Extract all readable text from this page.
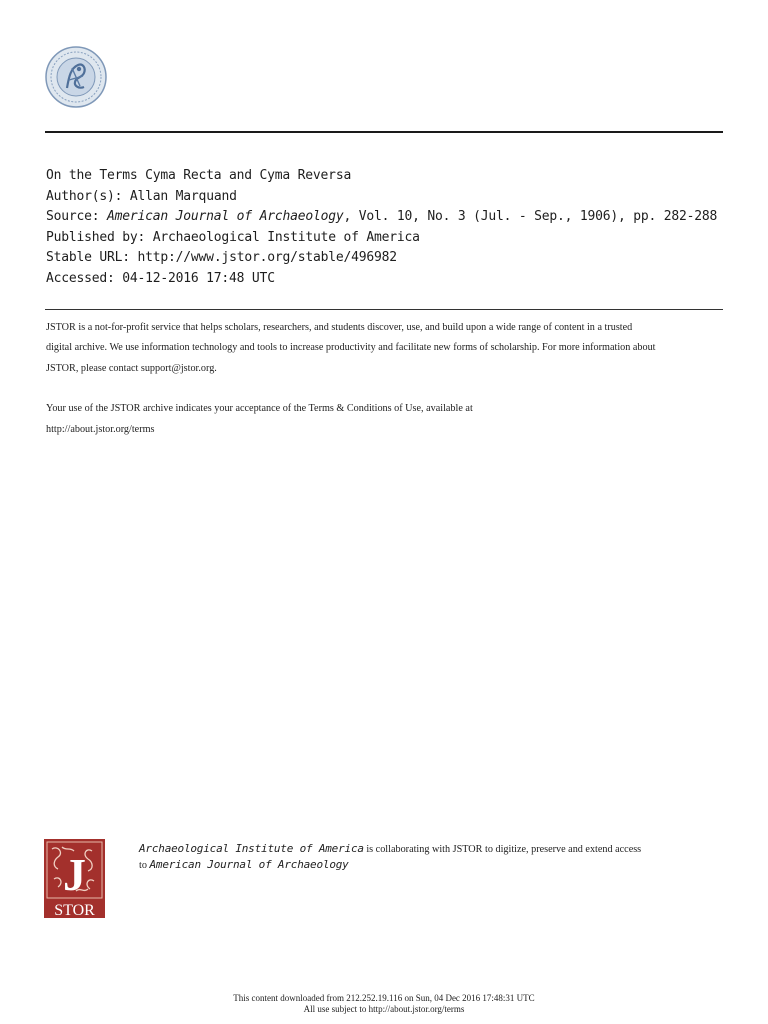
On the Terms Cyma Recta and Cyma Reversa
Author(s): Allan Marquand
Source: American Journal of Archaeology, Vol. 10, No. 3 (Jul. - Sep., 1906), pp. 282-288
Published by: Archaeological Institute of America
Stable URL: http://www.jstor.org/stable/496982
Accessed: 04-12-2016 17:48 UTC

JSTOR is a not-for-profit service that helps scholars, researchers, and students discover, use, and build upon a wide range of content in a trusted

digital archive. We use information technology and tools to increase productivity and facilitate new forms of scholarship. For more information about

JSTOR, please contact support@jstor.org.

Your use of the JSTOR archive indicates your acceptance of the Terms & Conditions of Use, available at

http://about.jstor.org/terms

J
STOR
Archaeological Institute of America is collaborating with JSTOR to digitize, preserve and extend access
to American Journal of Archaeology
This content downloaded from 212.252.19.116 on Sun, 04 Dec 2016 17:48:31 UTC
All use subject to http://about.jstor.org/terms
